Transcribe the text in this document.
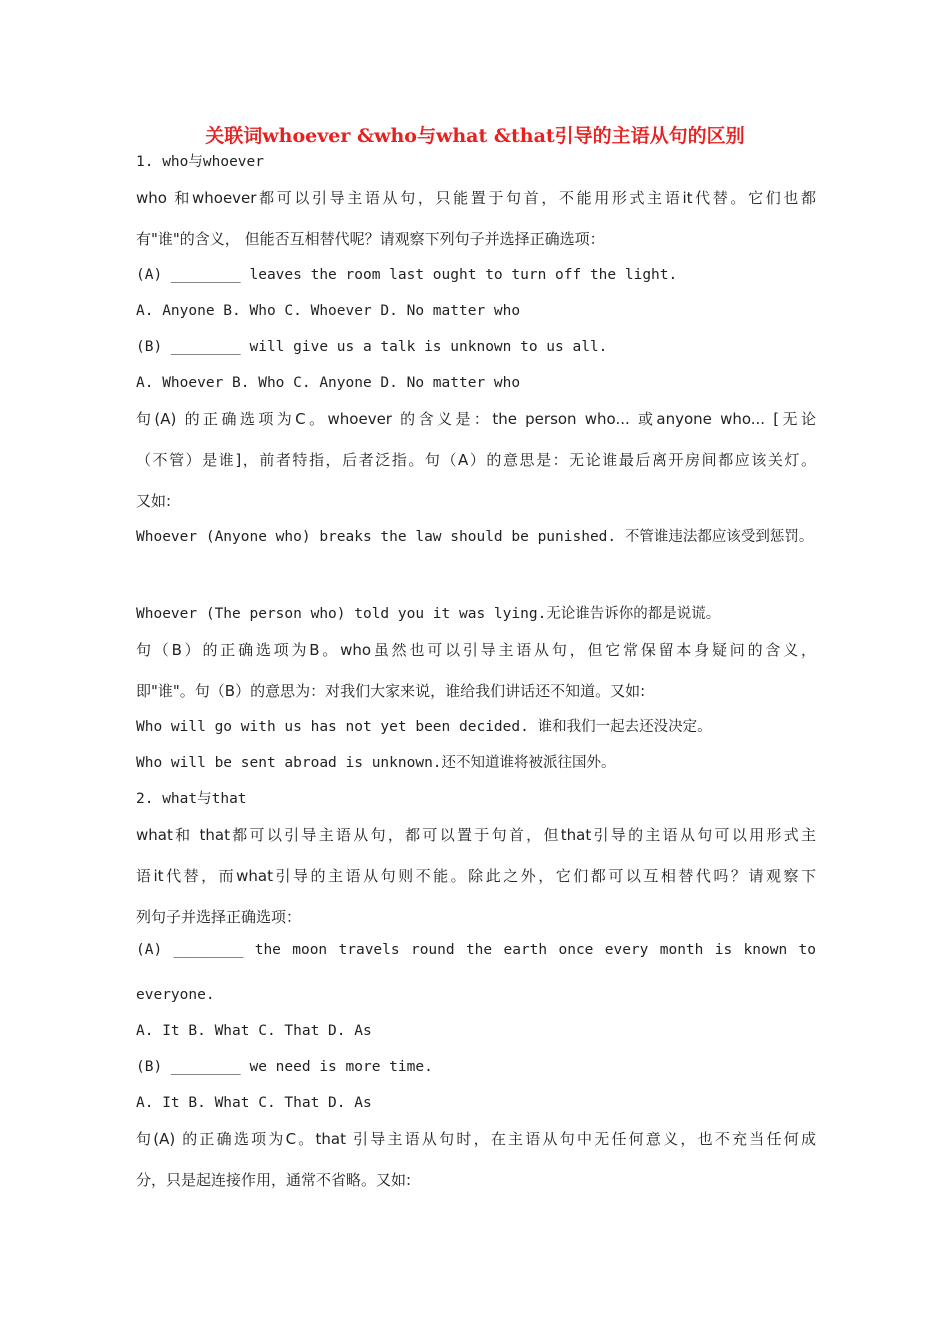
关联词whoever &who与what &that引导的主语从句的区别
1. who与whoever
who 和whoever都可以引导主语从句，只能置于句首，不能用形式主语it代替。它们也都
有"谁"的含义， 但能否互相替代呢？请观察下列句子并选择正确选项：
(A) ________ leaves the room last ought to turn off the light.
A. Anyone B. Who C. Whoever D. No matter who
(B) ________ will give us a talk is unknown to us all.
A. Whoever B. Who C. Anyone D. No matter who
句(A) 的正确选项为C。whoever 的含义是：the person who... 或anyone who... [无论
（不管）是谁]，前者特指，后者泛指。句（A）的意思是：无论谁最后离开房间都应该关灯。
又如:
Whoever (Anyone who) breaks the law should be punished. 不管谁违法都应该受到惩罚。
Whoever (The person who) told you it was lying.无论谁告诉你的都是说谎。
句（B）的正确选项为B。who虽然也可以引导主语从句，但它常保留本身疑问的含义，
即"谁"。句（B）的意思为：对我们大家来说，谁给我们讲话还不知道。又如:
Who will go with us has not yet been decided. 谁和我们一起去还没决定。
Who will be sent abroad is unknown.还不知道谁将被派往国外。
2. what与that
what和 that都可以引导主语从句，都可以置于句首，但that引导的主语从句可以用形式主
语it代替，而what引导的主语从句则不能。除此之外，它们都可以互相替代吗？请观察下
列句子并选择正确选项：
(A) ________ the moon travels round the earth once every month is known to
everyone.
A. It B. What C. That D. As
(B) ________ we need is more time.
A. It B. What C. That D. As
句(A) 的正确选项为C。that 引导主语从句时，在主语从句中无任何意义，也不充当任何成
分，只是起连接作用，通常不省略。又如:
